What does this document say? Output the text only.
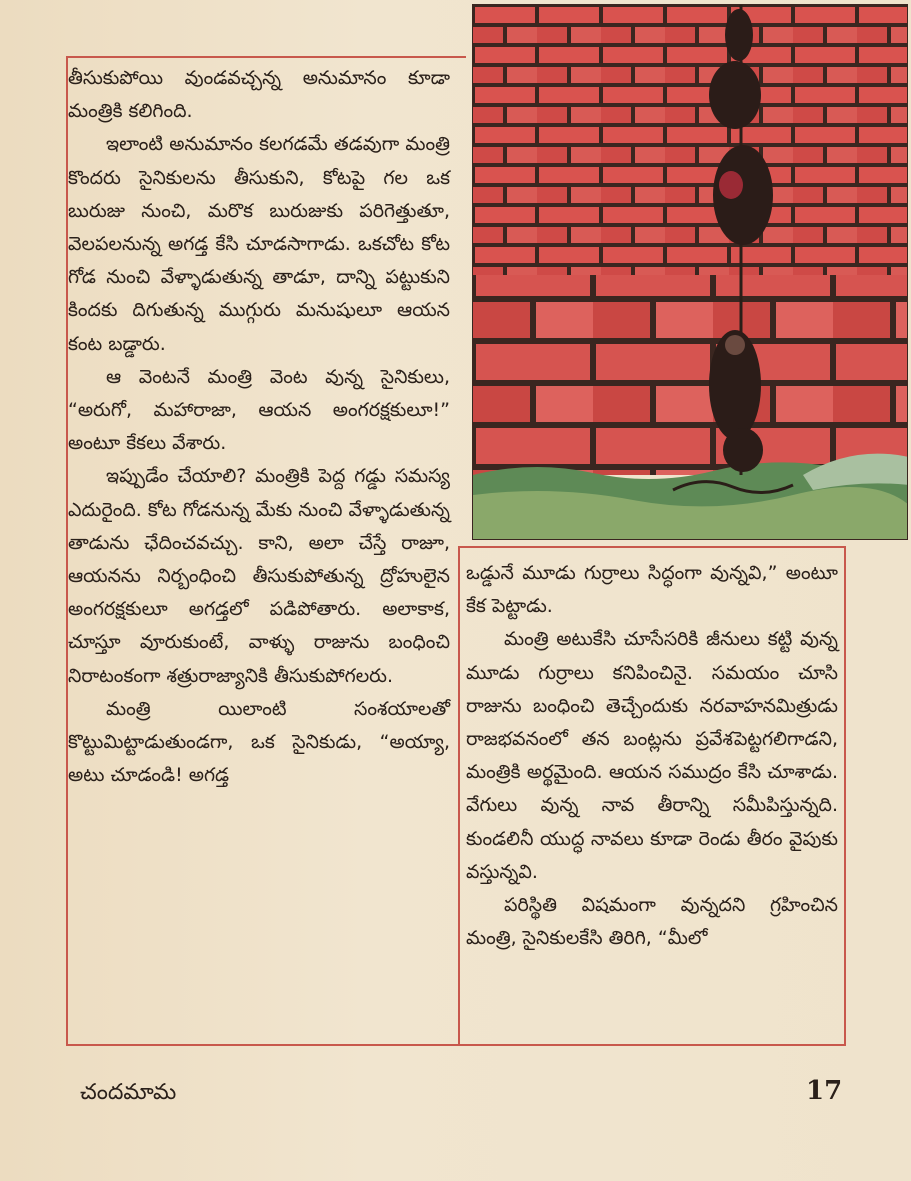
తీసుకుపోయి వుండవచ్చన్న అనుమానం కూడా మంత్రికి కలిగింది.

ఇలాంటి అనుమానం కలగడమే తడవుగా మంత్రి కొందరు సైనికులను తీసుకుని, కోటపై గల ఒక బురుజు నుంచి, మరొక బురుజుకు పరిగెత్తుతూ, వెలపలనున్న అగడ్త కేసి చూడసాగాడు. ఒకచోట కోట గోడ నుంచి వేళ్ళాడుతున్న తాడూ, దాన్ని పట్టుకుని కిందకు దిగుతున్న ముగ్గురు మనుషులూ ఆయన కంట బడ్డారు.

ఆ వెంటనే మంత్రి వెంట వున్న సైనికులు, “అరుగో, మహారాజా, ఆయన అంగరక్షకులూ!” అంటూ కేకలు వేశారు.

ఇప్పుడేం చేయాలి? మంత్రికి పెద్ద గడ్డు సమస్య ఎదురైంది. కోట గోడనున్న మేకు నుంచి వేళ్ళాడుతున్న తాడును ఛేదించవచ్చు. కాని, అలా చేస్తే రాజూ, ఆయనను నిర్బంధించి తీసుకుపోతున్న ద్రోహులైన అంగరక్షకులూ అగడ్తలో పడిపోతారు. అలాకాక, చూస్తూ వూరుకుంటే, వాళ్ళు రాజును బంధించి నిరాటంకంగా శత్రురాజ్యానికి తీసుకుపోగలరు.

మంత్రి యిలాంటి సంశయాలతో కొట్టుమిట్టాడుతుండగా, ఒక సైనికుడు, “అయ్యా, అటు చూడండి! అగడ్త

ఒడ్డునే మూడు గుర్రాలు సిద్ధంగా వున్నవి,” అంటూ కేక పెట్టాడు.

మంత్రి అటుకేసి చూసేసరికి జీనులు కట్టి వున్న మూడు గుర్రాలు కనిపించినై. సమయం చూసి రాజును బంధించి తెచ్చేందుకు నరవాహనమిత్రుడు రాజభవనంలో తన బంట్లను ప్రవేశపెట్టగలిగాడని, మంత్రికి అర్థమైంది. ఆయన సముద్రం కేసి చూశాడు. వేగులు వున్న నావ తీరాన్ని సమీపిస్తున్నది. కుండలినీ యుద్ధ నావలు కూడా రెండు తీరం వైపుకు వస్తున్నవి.

పరిస్థితి విషమంగా వున్నదని గ్రహించిన మంత్రి, సైనికులకేసి తిరిగి, “మీలో

చందమామ	17
